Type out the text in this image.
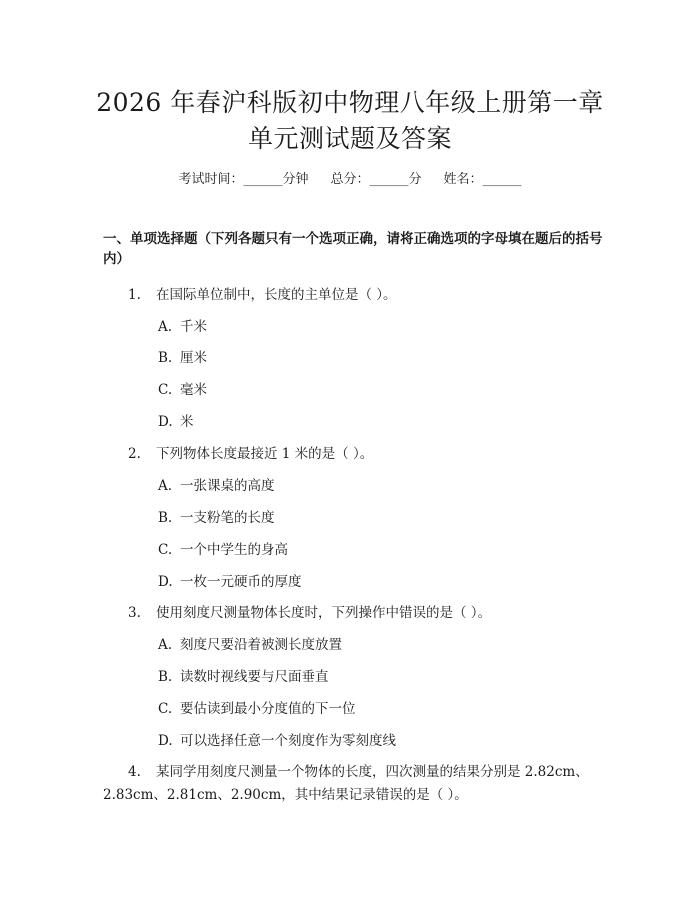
2026 年春沪科版初中物理八年级上册第一章
单元测试题及答案
考试时间：______分钟 总分：______分 姓名：______
一、单项选择题（下列各题只有一个选项正确，请将正确选项的字母填在题后的括号内）
1. 在国际单位制中，长度的主单位是（ ）。
A. 千米
B. 厘米
C. 毫米
D. 米
2. 下列物体长度最接近 1 米的是（ ）。
A. 一张课桌的高度
B. 一支粉笔的长度
C. 一个中学生的身高
D. 一枚一元硬币的厚度
3. 使用刻度尺测量物体长度时，下列操作中错误的是（ ）。
A. 刻度尺要沿着被测长度放置
B. 读数时视线要与尺面垂直
C. 要估读到最小分度值的下一位
D. 可以选择任意一个刻度作为零刻度线
4. 某同学用刻度尺测量一个物体的长度，四次测量的结果分别是 2.82cm、
2.83cm、2.81cm、2.90cm，其中结果记录错误的是（ ）。
